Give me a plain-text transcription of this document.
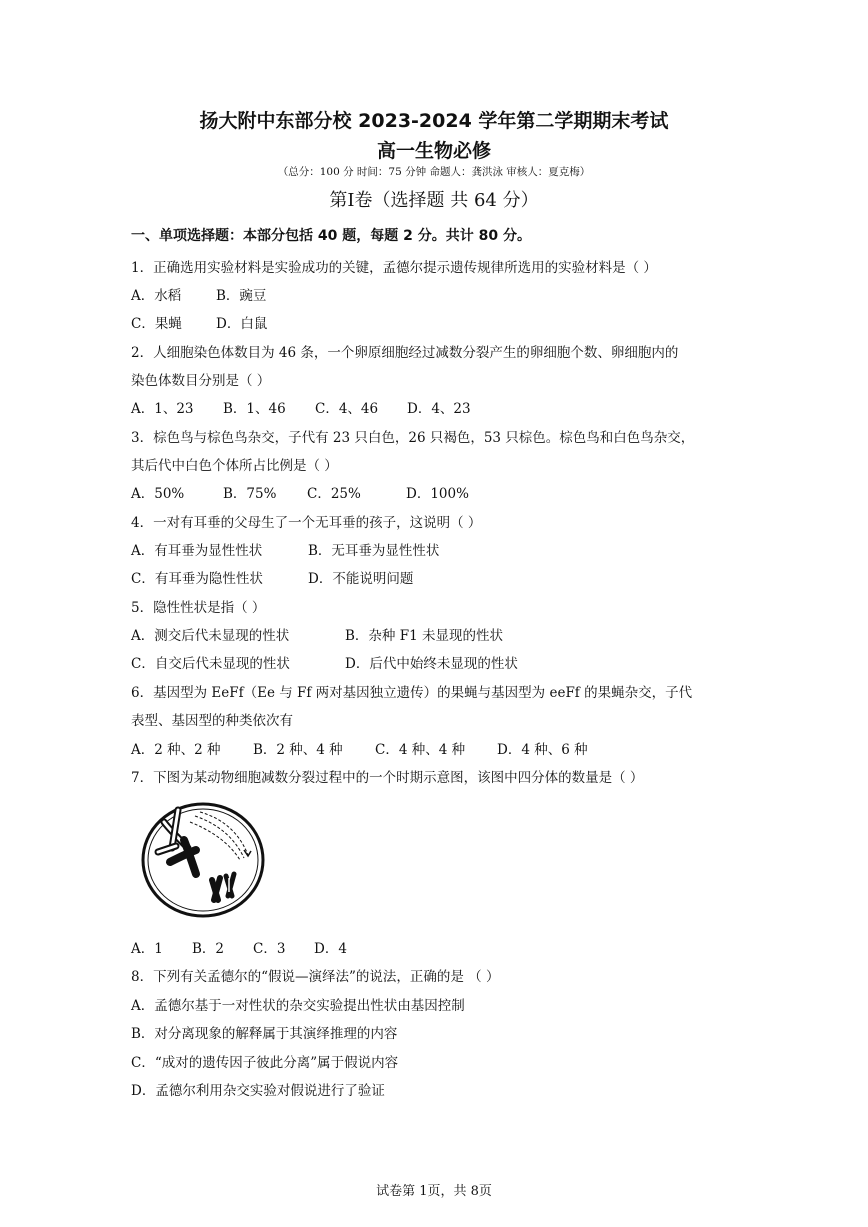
扬大附中东部分校 2023-2024 学年第二学期期末考试
高一生物必修
（总分：100 分 时间：75 分钟 命题人：龚洪泳 审核人：夏克梅）
第I卷（选择题 共 64 分）
一、单项选择题：本部分包括 40 题，每题 2 分。共计 80 分。
1．正确选用实验材料是实验成功的关键，孟德尔提示遗传规律所选用的实验材料是（ ）
A．水稻	B．豌豆
C．果蝇	D．白鼠
2．人细胞染色体数目为 46 条，一个卵原细胞经过减数分裂产生的卵细胞个数、卵细胞内的
染色体数目分别是（ ）
A．1、23 B．1、46 C．4、46 D．4、23
3．棕色鸟与棕色鸟杂交，子代有 23 只白色，26 只褐色，53 只棕色。棕色鸟和白色鸟杂交，
其后代中白色个体所占比例是（ ）
A．50%	B．75% C．25%	D．100%
4．一对有耳垂的父母生了一个无耳垂的孩子，这说明（ ）
A．有耳垂为显性性状	B．无耳垂为显性性状
C．有耳垂为隐性性状	D．不能说明问题
5．隐性性状是指（ ）
A．测交后代未显现的性状	B．杂种 F1 未显现的性状
C．自交后代未显现的性状	D．后代中始终未显现的性状
6．基因型为 EeFf（Ee 与 Ff 两对基因独立遗传）的果蝇与基因型为 eeFf 的果蝇杂交，子代
表型、基因型的种类依次有
A．2 种、2 种 B．2 种、4 种 C．4 种、4 种 D．4 种、6 种
7．下图为某动物细胞减数分裂过程中的一个时期示意图，该图中四分体的数量是（ ）
A．1 B．2 C．3 D．4
8．下列有关孟德尔的“假说—演绎法”的说法，正确的是 （ ）
A．孟德尔基于一对性状的杂交实验提出性状由基因控制
B．对分离现象的解释属于其演绎推理的内容
C．“成对的遗传因子彼此分离”属于假说内容
D．孟德尔利用杂交实验对假说进行了验证
试卷第 1页，共 8页
